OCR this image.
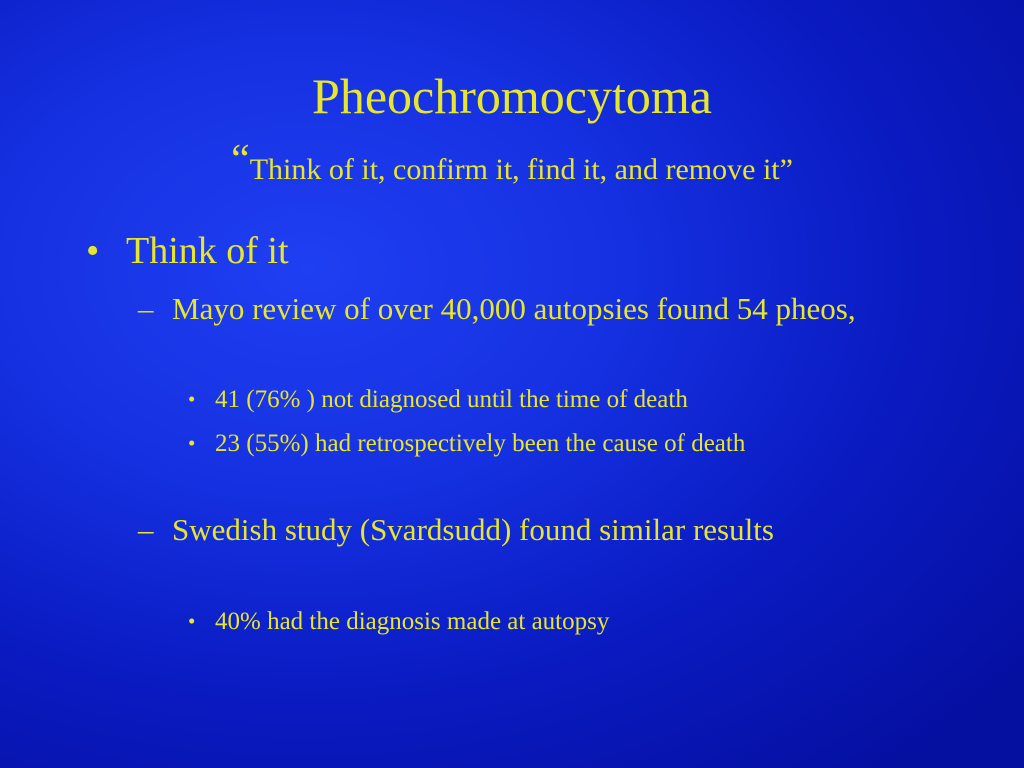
Pheochromocytoma
“Think of it, confirm it, find it, and remove it”
• Think of it
– Mayo review of over 40,000 autopsies found 54 pheos,
• 41 (76% ) not diagnosed until the time of death
• 23 (55%) had retrospectively been the cause of death
– Swedish study (Svardsudd) found similar results
• 40% had the diagnosis made at autopsy
